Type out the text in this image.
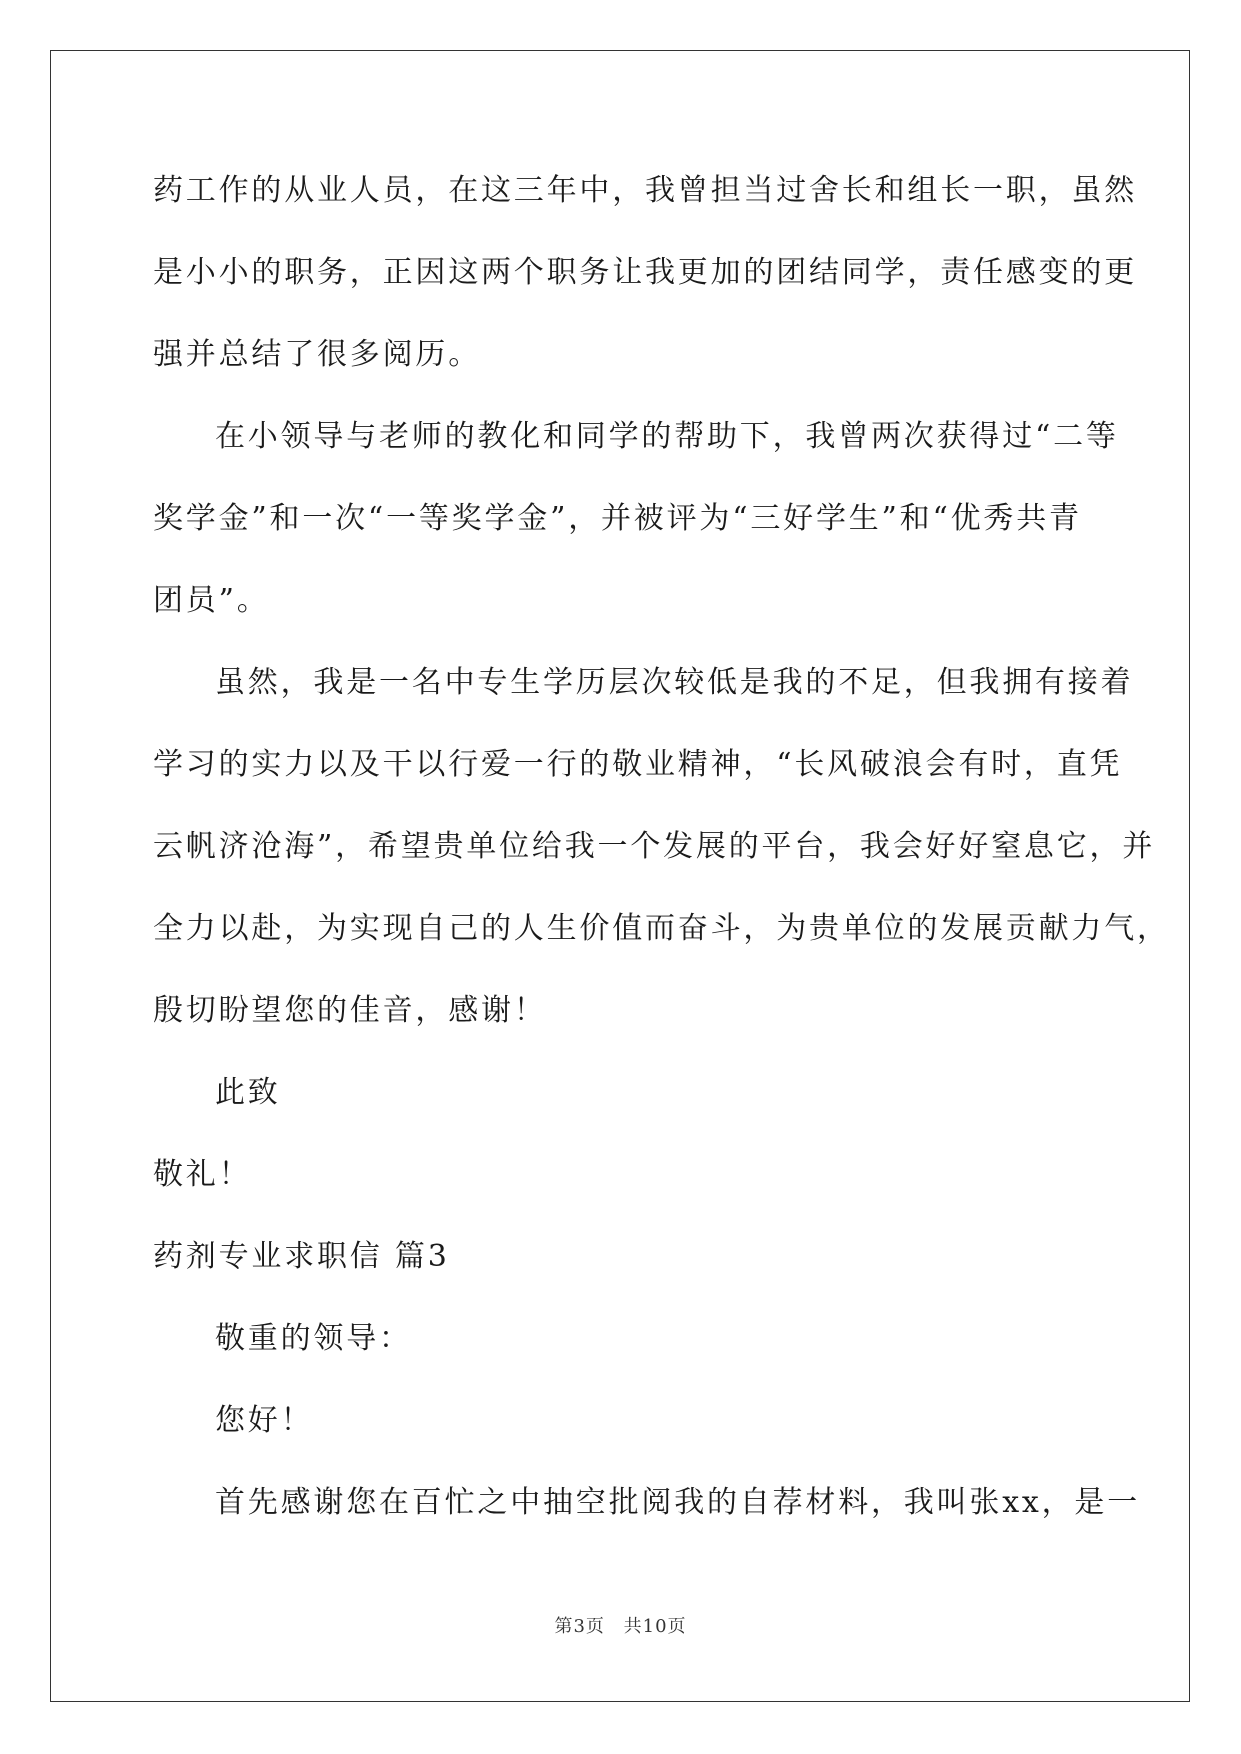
药工作的从业人员，在这三年中，我曾担当过舍长和组长一职，虽然
是小小的职务，正因这两个职务让我更加的团结同学，责任感变的更
强并总结了很多阅历。
在小领导与老师的教化和同学的帮助下，我曾两次获得过“二等
奖学金”和一次“一等奖学金”，并被评为“三好学生”和“优秀共青
团员”。
虽然，我是一名中专生学历层次较低是我的不足，但我拥有接着
学习的实力以及干以行爱一行的敬业精神，“长风破浪会有时，直凭
云帆济沧海”，希望贵单位给我一个发展的平台，我会好好窒息它，并
全力以赴，为实现自己的人生价值而奋斗，为贵单位的发展贡献力气，
殷切盼望您的佳音，感谢！
此致
敬礼！
药剂专业求职信 篇3
敬重的领导：
您好！
首先感谢您在百忙之中抽空批阅我的自荐材料，我叫张xx，是一
第3页 共10页
